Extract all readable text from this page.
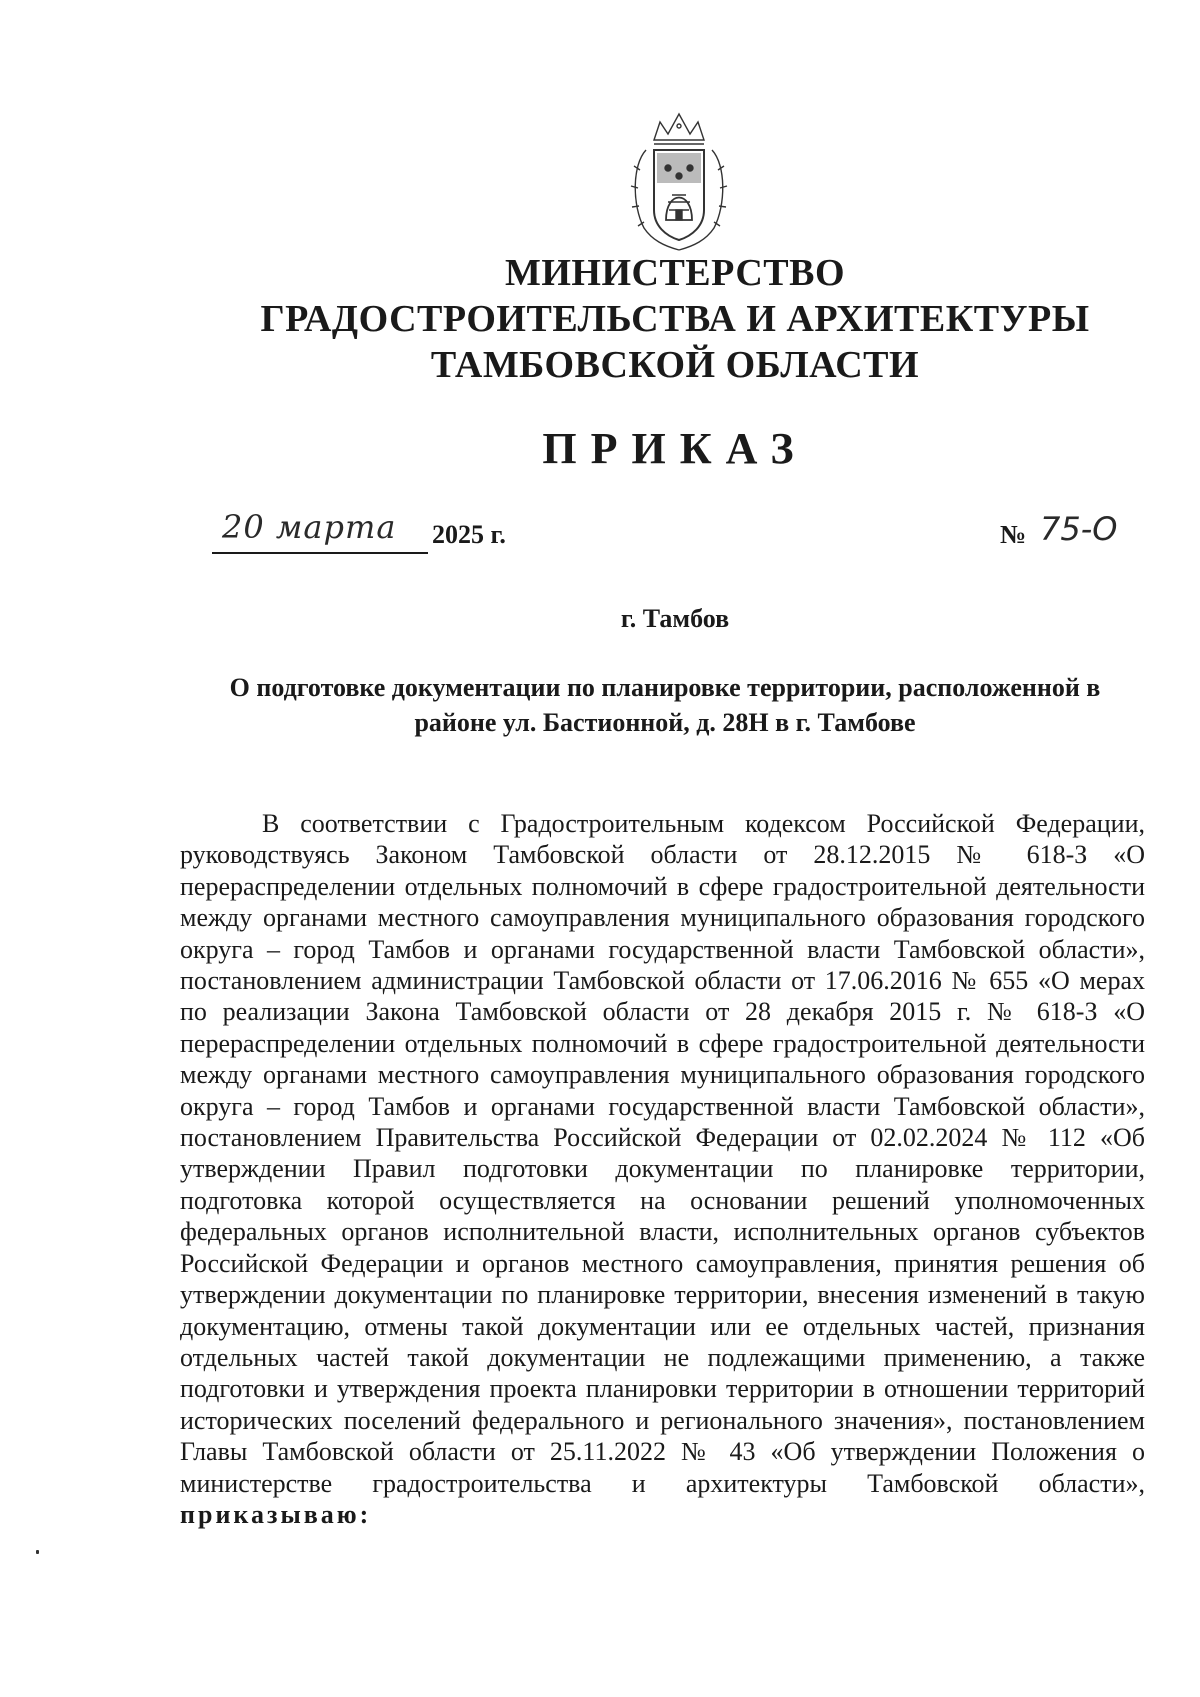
МИНИСТЕРСТВО
ГРАДОСТРОИТЕЛЬСТВА И АРХИТЕКТУРЫ
ТАМБОВСКОЙ ОБЛАСТИ
ПРИКАЗ
20 марта	2025 г.	№ 75-О
г. Тамбов
О подготовке документации по планировке территории, расположенной в
районе ул. Бастионной, д. 28Н в г. Тамбове

В соответствии с Градостроительным кодексом Российской Федерации, руководствуясь Законом Тамбовской области от 28.12.2015 № 618-З «О перераспределении отдельных полномочий в сфере градостроительной деятельности между органами местного самоуправления муниципального образования городского округа – город Тамбов и органами государственной власти Тамбовской области», постановлением администрации Тамбовской области от 17.06.2016 № 655 «О мерах по реализации Закона Тамбовской области от 28 декабря 2015 г. № 618-З «О перераспределении отдельных полномочий в сфере градостроительной деятельности между органами местного самоуправления муниципального образования городского округа – город Тамбов и органами государственной власти Тамбовской области», постановлением Правительства Российской Федерации от 02.02.2024 № 112 «Об утверждении Правил подготовки документации по планировке территории, подготовка которой осуществляется на основании решений уполномоченных федеральных органов исполнительной власти, исполнительных органов субъектов Российской Федерации и органов местного самоуправления, принятия решения об утверждении документации по планировке территории, внесения изменений в такую документацию, отмены такой документации или ее отдельных частей, признания отдельных частей такой документации не подлежащими применению, а также подготовки и утверждения проекта планировки территории в отношении территорий исторических поселений федерального и регионального значения», постановлением Главы Тамбовской области от 25.11.2022 № 43 «Об утверждении Положения о министерстве градостроительства и архитектуры Тамбовской области», приказываю:
